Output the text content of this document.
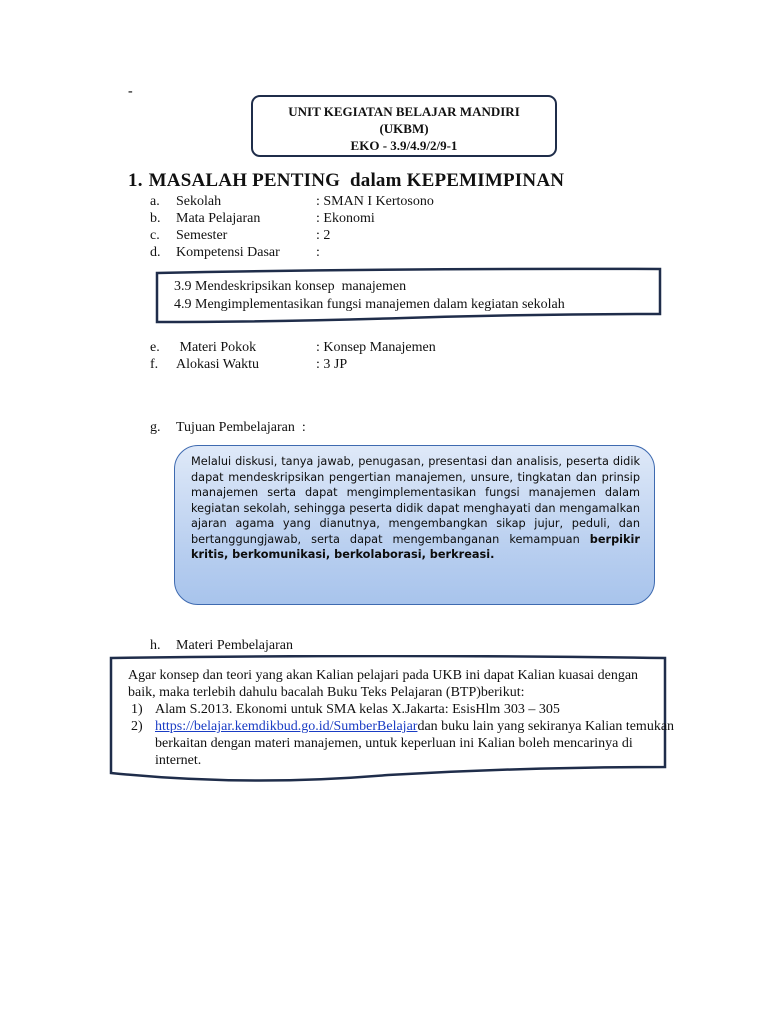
-
UNIT KEGIATAN BELAJAR MANDIRI
(UKBM)
EKO - 3.9/4.9/2/9-1
1. MASALAH PENTING  dalam KEPEMIMPINAN
a.	Sekolah	: SMAN I Kertosono
b.	Mata Pelajaran	: Ekonomi
c.	Semester	: 2
d.	Kompetensi Dasar	:
3.9 Mendeskripsikan konsep  manajemen
4.9 Mengimplementasikan fungsi manajemen dalam kegiatan sekolah
e.	Materi Pokok	: Konsep Manajemen
f.	Alokasi Waktu	: 3 JP
g.	Tujuan Pembelajaran  :
Melalui diskusi, tanya jawab, penugasan, presentasi dan analisis, peserta didik dapat mendeskripsikan pengertian manajemen, unsure, tingkatan dan prinsip manajemen serta dapat mengimplementasikan fungsi manajemen dalam kegiatan sekolah, sehingga peserta didik dapat menghayati dan mengamalkan ajaran agama yang dianutnya, mengembangkan sikap jujur, peduli, dan bertanggungjawab, serta dapat mengembanganan kemampuan berpikir kritis, berkomunikasi, berkolaborasi, berkreasi.
h.	Materi Pembelajaran
Agar konsep dan teori yang akan Kalian pelajari pada UKB ini dapat Kalian kuasai dengan baik, maka terlebih dahulu bacalah Buku Teks Pelajaran (BTP)berikut:
1) Alam S.2013. Ekonomi untuk SMA kelas X.Jakarta: EsisHlm 303 – 305
2) https://belajar.kemdikbud.go.id/SumberBelajardan buku lain yang sekiranya Kalian temukan berkaitan dengan materi manajemen, untuk keperluan ini Kalian boleh mencarinya di internet.
